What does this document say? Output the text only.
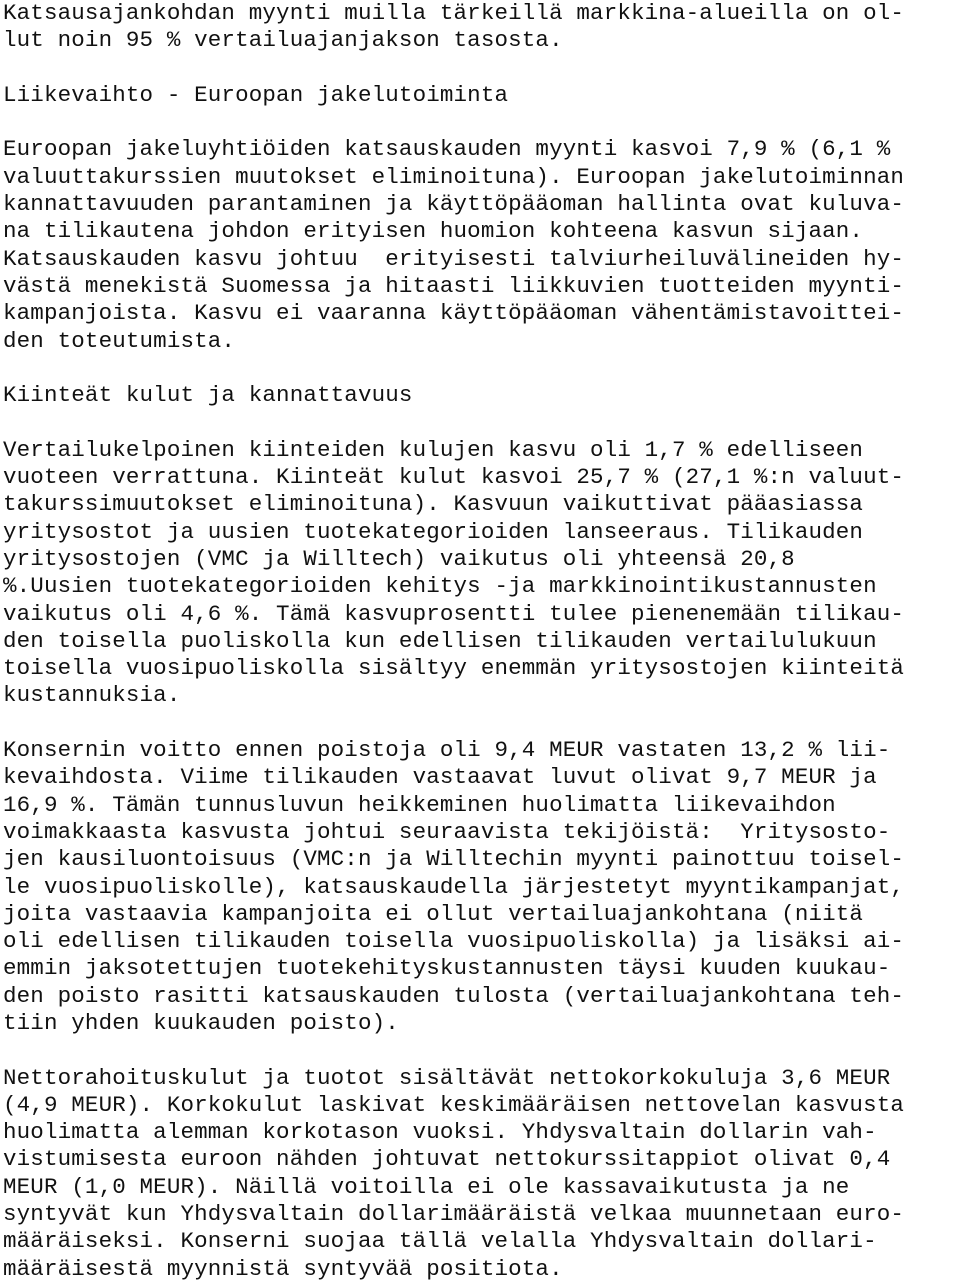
Katsausajankohdan myynti muilla tärkeillä markkina-alueilla on ol-
lut noin 95 % vertailuajanjakson tasosta.
Liikevaihto - Euroopan jakelutoiminta
Euroopan jakeluyhtiöiden katsauskauden myynti kasvoi 7,9 % (6,1 %
valuuttakurssien muutokset eliminoituna). Euroopan jakelutoiminnan
kannattavuuden parantaminen ja käyttöpääoman hallinta ovat kuluva-
na tilikautena johdon erityisen huomion kohteena kasvun sijaan.
Katsauskauden kasvu johtuu  erityisesti talviurheiluvälineiden hy-
västä menekistä Suomessa ja hitaasti liikkuvien tuotteiden myynti-
kampanjoista. Kasvu ei vaaranna käyttöpääoman vähentämistavoittei-
den toteutumista.
Kiinteät kulut ja kannattavuus
Vertailukelpoinen kiinteiden kulujen kasvu oli 1,7 % edelliseen
vuoteen verrattuna. Kiinteät kulut kasvoi 25,7 % (27,1 %:n valuut-
takurssimuutokset eliminoituna). Kasvuun vaikuttivat pääasiassa
yritysostot ja uusien tuotekategorioiden lanseeraus. Tilikauden
yritysostojen (VMC ja Willtech) vaikutus oli yhteensä 20,8
%.Uusien tuotekategorioiden kehitys -ja markkinointikustannusten
vaikutus oli 4,6 %. Tämä kasvuprosentti tulee pienenemään tilikau-
den toisella puoliskolla kun edellisen tilikauden vertailulukuun
toisella vuosipuoliskolla sisältyy enemmän yritysostojen kiinteitä
kustannuksia.
Konsernin voitto ennen poistoja oli 9,4 MEUR vastaten 13,2 % lii-
kevaihdosta. Viime tilikauden vastaavat luvut olivat 9,7 MEUR ja
16,9 %. Tämän tunnusluvun heikkeminen huolimatta liikevaihdon
voimakkaasta kasvusta johtui seuraavista tekijöistä:  Yritysosto-
jen kausiluontoisuus (VMC:n ja Willtechin myynti painottuu toisel-
le vuosipuoliskolle), katsauskaudella järjestetyt myyntikampanjat,
joita vastaavia kampanjoita ei ollut vertailuajankohtana (niitä
oli edellisen tilikauden toisella vuosipuoliskolla) ja lisäksi ai-
emmin jaksotettujen tuotekehityskustannusten täysi kuuden kuukau-
den poisto rasitti katsauskauden tulosta (vertailuajankohtana teh-
tiin yhden kuukauden poisto).
Nettorahoituskulut ja tuotot sisältävät nettokorkokuluja 3,6 MEUR
(4,9 MEUR). Korkokulut laskivat keskimääräisen nettovelan kasvusta
huolimatta alemman korkotason vuoksi. Yhdysvaltain dollarin vah-
vistumisesta euroon nähden johtuvat nettokurssitappiot olivat 0,4
MEUR (1,0 MEUR). Näillä voitoilla ei ole kassavaikutusta ja ne
syntyvät kun Yhdysvaltain dollarimääräistä velkaa muunnetaan euro-
määräiseksi. Konserni suojaa tällä velalla Yhdysvaltain dollari-
määräisestä myynnistä syntyvää positiota.
